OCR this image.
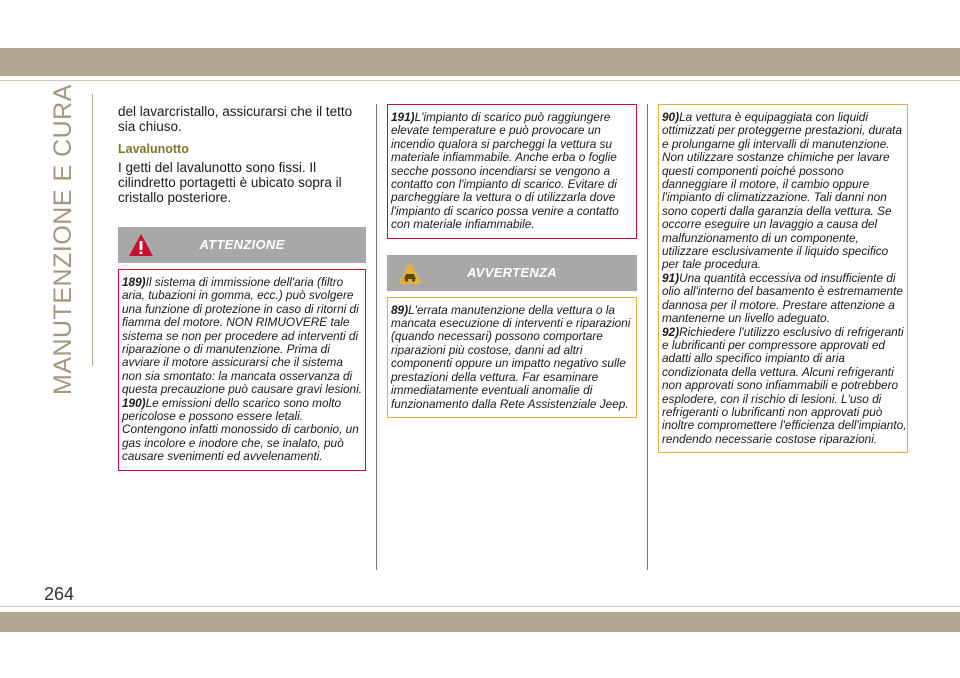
MANUTENZIONE E CURA
264

del lavarcristallo, assicurarsi che il tetto sia chiuso.

Lavalunotto

I getti del lavalunotto sono fissi. Il cilindretto portagetti è ubicato sopra il cristallo posteriore.

ATTENZIONE

189)Il sistema di immissione dell'aria (filtro aria, tubazioni in gomma, ecc.) può svolgere una funzione di protezione in caso di ritorni di fiamma del motore. NON RIMUOVERE tale sistema se non per procedere ad interventi di riparazione o di manutenzione. Prima di avviare il motore assicurarsi che il sistema non sia smontato: la mancata osservanza di questa precauzione può causare gravi lesioni.

190)Le emissioni dello scarico sono molto pericolose e possono essere letali. Contengono infatti monossido di carbonio, un gas incolore e inodore che, se inalato, può causare svenimenti ed avvelenamenti.

191)L'impianto di scarico può raggiungere elevate temperature e può provocare un incendio qualora si parcheggi la vettura su materiale infiammabile. Anche erba o foglie secche possono incendiarsi se vengono a contatto con l'impianto di scarico. Evitare di parcheggiare la vettura o di utilizzarla dove l'impianto di scarico possa venire a contatto con materiale infiammabile.

AVVERTENZA

89)L'errata manutenzione della vettura o la mancata esecuzione di interventi e riparazioni (quando necessari) possono comportare riparazioni più costose, danni ad altri componenti oppure un impatto negativo sulle prestazioni della vettura. Far esaminare immediatamente eventuali anomalie di funzionamento dalla Rete Assistenziale Jeep.

90)La vettura è equipaggiata con liquidi ottimizzati per proteggerne prestazioni, durata e prolungarne gli intervalli di manutenzione. Non utilizzare sostanze chimiche per lavare questi componenti poiché possono danneggiare il motore, il cambio oppure l'impianto di climatizzazione. Tali danni non sono coperti dalla garanzia della vettura. Se occorre eseguire un lavaggio a causa del malfunzionamento di un componente, utilizzare esclusivamente il liquido specifico per tale procedura.

91)Una quantità eccessiva od insufficiente di olio all'interno del basamento è estremamente dannosa per il motore. Prestare attenzione a mantenerne un livello adeguato.

92)Richiedere l'utilizzo esclusivo di refrigeranti e lubrificanti per compressore approvati ed adatti allo specifico impianto di aria condizionata della vettura. Alcuni refrigeranti non approvati sono infiammabili e potrebbero esplodere, con il rischio di lesioni. L'uso di refrigeranti o lubrificanti non approvati può inoltre compromettere l'efficienza dell'impianto, rendendo necessarie costose riparazioni.
